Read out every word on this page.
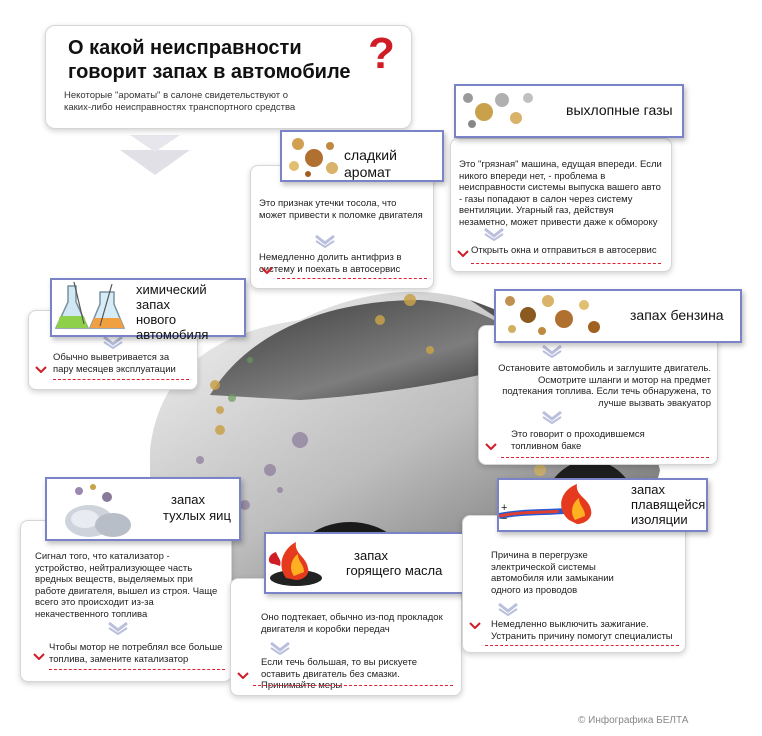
О какой неисправности
говорит запах в автомобиле ?
Некоторые "ароматы" в салоне свидетельствуют о
каких-либо неисправностях транспортного средства
Это признак утечки тосола, что может привести к поломке двигателя
Немедленно долить антифриз в систему и поехать в автосервис
сладкий аромат	Это "грязная" машина, едущая впереди. Если никого впереди нет, - проблема в неисправности системы выпуска вашего авто - газы попадают в салон через систему вентиляции. Угарный газ, действуя незаметно, может привести даже к обмороку
Открыть окна и отправиться в автосервис
выхлопные газы
Обычно выветривается за пару месяцев эксплуатации
химический запах
нового
автомобиля
Остановите автомобиль и заглушите двигатель. Осмотрите шланги и мотор на предмет подтекания топлива. Если течь обнаружена, то лучше вызвать эвакуатор
Это говорит о проходившемся топливном баке
запах бензина
Сигнал того, что катализатор - устройство, нейтрализующее часть вредных веществ, выделяемых при работе двигателя, вышел из строя. Чаще всего это происходит из-за некачественного топлива
Чтобы мотор не потреблял все больше топлива, замените катализатор
запах
тухлых яиц
Оно подтекает, обычно из-под прокладок двигателя и коробки передач
Если течь большая, то вы рискуете оставить двигатель без смазки. Принимайте меры
запах
горящего масла
Причина в перегрузке электрической системы автомобиля или замыкании одного из проводов
Немедленно выключить зажигание. Устранить причину помогут специалисты
+
−
запах
плавящейся
изоляции
© Инфографика БЕЛТА
